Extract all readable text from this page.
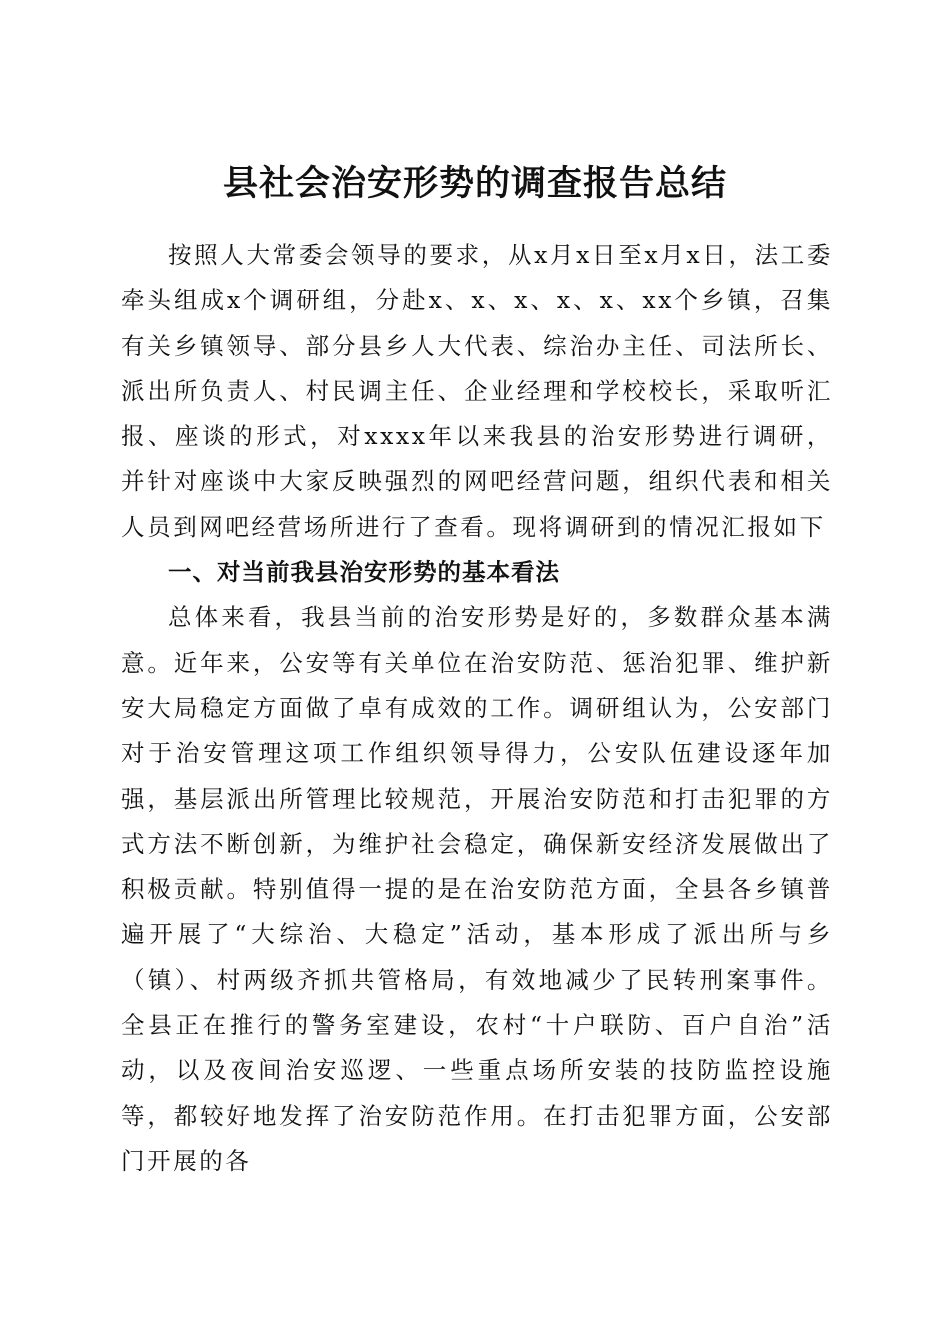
县社会治安形势的调查报告总结

按照人大常委会领导的要求，从x月x日至x月x日，法工委牵头组成x个调研组，分赴x、x、x、x、x、xx个乡镇，召集有关乡镇领导、部分县乡人大代表、综治办主任、司法所长、派出所负责人、村民调主任、企业经理和学校校长，采取听汇报、座谈的形式，对xxxx年以来我县的治安形势进行调研，并针对座谈中大家反映强烈的网吧经营问题，组织代表和相关人员到网吧经营场所进行了查看。现将调研到的情况汇报如下

一、对当前我县治安形势的基本看法

总体来看，我县当前的治安形势是好的，多数群众基本满意。近年来，公安等有关单位在治安防范、惩治犯罪、维护新安大局稳定方面做了卓有成效的工作。调研组认为，公安部门对于治安管理这项工作组织领导得力，公安队伍建设逐年加强，基层派出所管理比较规范，开展治安防范和打击犯罪的方式方法不断创新，为维护社会稳定，确保新安经济发展做出了积极贡献。特别值得一提的是在治安防范方面，全县各乡镇普遍开展了“大综治、大稳定”活动，基本形成了派出所与乡（镇）、村两级齐抓共管格局，有效地减少了民转刑案事件。全县正在推行的警务室建设，农村“十户联防、百户自治”活动，以及夜间治安巡逻、一些重点场所安装的技防监控设施等，都较好地发挥了治安防范作用。在打击犯罪方面，公安部门开展的各
